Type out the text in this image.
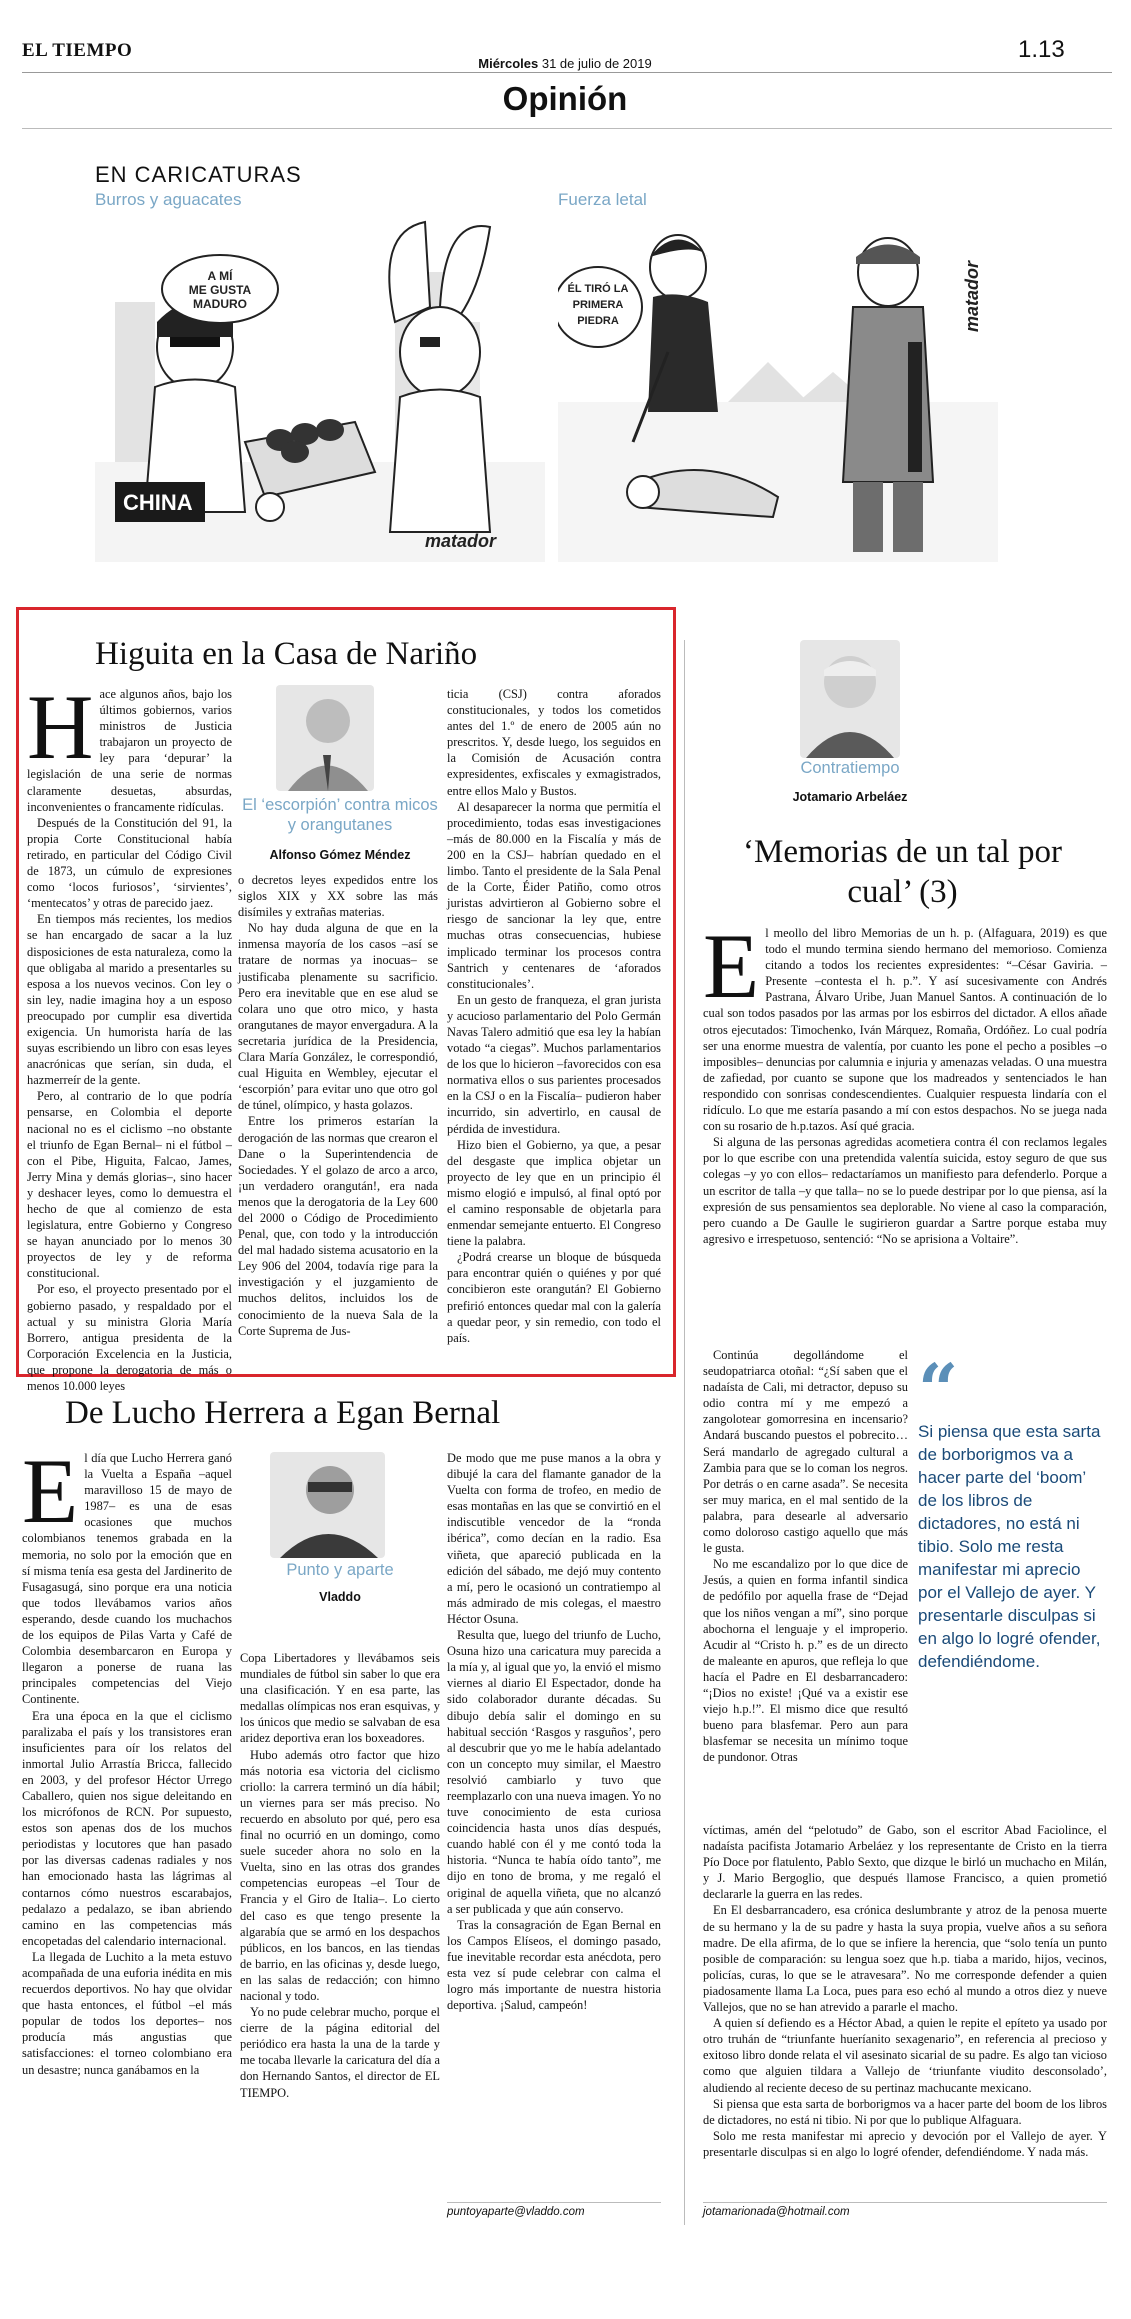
EL TIEMPO
Miércoles 31 de julio de 2019
1.13
Opinión
EN CARICATURAS
Burros y aguacates	Fuerza letal
CHINA
A MÍ
ME GUSTA
MADURO
matador
ÉL TIRÓ LA
PRIMERA
PIEDRA	matador
Higuita en la Casa de Nariño

Hace algunos años, bajo los últimos gobiernos, varios ministros de Justicia trabajaron un proyecto de ley para ‘depurar’ la legislación de una serie de normas claramente desuetas, absurdas, inconvenientes o francamente ridículas.

Después de la Constitución del 91, la propia Corte Constitucional había retirado, en particular del Código Civil de 1873, un cúmulo de expresiones como ‘locos furiosos’, ‘sirvientes’, ‘mentecatos’ y otras de parecido jaez.

En tiempos más recientes, los medios se han encargado de sacar a la luz disposiciones de esta naturaleza, como la que obligaba al marido a presentarles su esposa a los nuevos vecinos. Con ley o sin ley, nadie imagina hoy a un esposo preocupado por cumplir esa divertida exigencia. Un humorista haría de las suyas escribiendo un libro con esas leyes anacrónicas que serían, sin duda, el hazmerreír de la gente.

Pero, al contrario de lo que podría pensarse, en Colombia el deporte nacional no es el ciclismo –no obstante el triunfo de Egan Bernal– ni el fútbol –con el Pibe, Higuita, Falcao, James, Jerry Mina y demás glorias–, sino hacer y deshacer leyes, como lo demuestra el hecho de que al comienzo de esta legislatura, entre Gobierno y Congreso se hayan anunciado por lo menos 30 proyectos de ley y de reforma constitucional.

Por eso, el proyecto presentado por el gobierno pasado, y respaldado por el actual y su ministra Gloria María Borrero, antigua presidenta de la Corporación Excelencia en la Justicia, que propone la derogatoria de más o menos 10.000 leyes

El ‘escorpión’ contra micos y orangutanes
Alfonso Gómez Méndez

o decretos leyes expedidos entre los siglos XIX y XX sobre las más disímiles y extrañas materias.

No hay duda alguna de que en la inmensa mayoría de los casos –así se tratare de normas ya inocuas– se justificaba plenamente su sacrificio. Pero era inevitable que en ese alud se colara uno que otro mico, y hasta orangutanes de mayor envergadura. A la secretaria jurídica de la Presidencia, Clara María González, le correspondió, cual Higuita en Wembley, ejecutar el ‘escorpión’ para evitar uno que otro gol de túnel, olímpico, y hasta golazos.

Entre los primeros estarían la derogación de las normas que crearon el Dane o la Superintendencia de Sociedades. Y el golazo de arco a arco, ¡un verdadero orangután!, era nada menos que la derogatoria de la Ley 600 del 2000 o Código de Procedimiento Penal, que, con todo y la introducción del mal hadado sistema acusatorio en la Ley 906 del 2004, todavía rige para la investigación y el juzgamiento de muchos delitos, incluidos los de conocimiento de la nueva Sala de la Corte Suprema de Jus-

ticia (CSJ) contra aforados constitucionales, y todos los cometidos antes del 1.º de enero de 2005 aún no prescritos. Y, desde luego, los seguidos en la Comisión de Acusación contra expresidentes, exfiscales y exmagistrados, entre ellos Malo y Bustos.

Al desaparecer la norma que permitía el procedimiento, todas esas investigaciones –más de 80.000 en la Fiscalía y más de 200 en la CSJ– habrían quedado en el limbo. Tanto el presidente de la Sala Penal de la Corte, Éider Patiño, como otros juristas advirtieron al Gobierno sobre el riesgo de sancionar la ley que, entre muchas otras consecuencias, hubiese implicado terminar los procesos contra Santrich y centenares de ‘aforados constitucionales’.

En un gesto de franqueza, el gran jurista y acucioso parlamentario del Polo Germán Navas Talero admitió que esa ley la habían votado “a ciegas”. Muchos parlamentarios de los que lo hicieron –favorecidos con esa normativa ellos o sus parientes procesados en la CSJ o en la Fiscalía– pudieron haber incurrido, sin advertirlo, en causal de pérdida de investidura.

Hizo bien el Gobierno, ya que, a pesar del desgaste que implica objetar un proyecto de ley que en un principio él mismo elogió e impulsó, al final optó por el camino responsable de objetarla para enmendar semejante entuerto. El Congreso tiene la palabra.

¿Podrá crearse un bloque de búsqueda para encontrar quién o quiénes y por qué concibieron este orangután? El Gobierno prefirió entonces quedar mal con la galería a quedar peor, y sin remedio, con todo el país.

De Lucho Herrera a Egan Bernal

El día que Lucho Herrera ganó la Vuelta a España –aquel maravilloso 15 de mayo de 1987– es una de esas ocasiones que muchos colombianos tenemos grabada en la memoria, no solo por la emoción que en sí misma tenía esa gesta del Jardinerito de Fusagasugá, sino porque era una noticia que todos llevábamos varios años esperando, desde cuando los muchachos de los equipos de Pilas Varta y Café de Colombia desembarcaron en Europa y llegaron a ponerse de ruana las principales competencias del Viejo Continente.

Era una época en la que el ciclismo paralizaba el país y los transistores eran insuficientes para oír los relatos del inmortal Julio Arrastía Bricca, fallecido en 2003, y del profesor Héctor Urrego Caballero, quien nos sigue deleitando en los micrófonos de RCN. Por supuesto, estos son apenas dos de los muchos periodistas y locutores que han pasado por las diversas cadenas radiales y nos han emocionado hasta las lágrimas al contarnos cómo nuestros escarabajos, pedalazo a pedalazo, se iban abriendo camino en las competencias más encopetadas del calendario internacional.

La llegada de Luchito a la meta estuvo acompañada de una euforia inédita en mis recuerdos deportivos. No hay que olvidar que hasta entonces, el fútbol –el más popular de todos los deportes– nos producía más angustias que satisfacciones: el torneo colombiano era un desastre; nunca ganábamos en la

Punto y aparte
Vladdo

Copa Libertadores y llevábamos seis mundiales de fútbol sin saber lo que era una clasificación. Y en esa parte, las medallas olímpicas nos eran esquivas, y los únicos que medio se salvaban de esa aridez deportiva eran los boxeadores.

Hubo además otro factor que hizo más notoria esa victoria del ciclismo criollo: la carrera terminó un día hábil; un viernes para ser más preciso. No recuerdo en absoluto por qué, pero esa final no ocurrió en un domingo, como suele suceder ahora no solo en la Vuelta, sino en las otras dos grandes competencias europeas –el Tour de Francia y el Giro de Italia–. Lo cierto del caso es que tengo presente la algarabía que se armó en los despachos públicos, en los bancos, en las tiendas de barrio, en las oficinas y, desde luego, en las salas de redacción; con himno nacional y todo.

Yo no pude celebrar mucho, porque el cierre de la página editorial del periódico era hasta la una de la tarde y me tocaba llevarle la caricatura del día a don Hernando Santos, el director de EL TIEMPO.

De modo que me puse manos a la obra y dibujé la cara del flamante ganador de la Vuelta con forma de trofeo, en medio de esas montañas en las que se convirtió en el indiscutible vencedor de la “ronda ibérica”, como decían en la radio. Esa viñeta, que apareció publicada en la edición del sábado, me dejó muy contento a mí, pero le ocasionó un contratiempo al más admirado de mis colegas, el maestro Héctor Osuna.

Resulta que, luego del triunfo de Lucho, Osuna hizo una caricatura muy parecida a la mía y, al igual que yo, la envió el mismo viernes al diario El Espectador, donde ha sido colaborador durante décadas. Su dibujo debía salir el domingo en su habitual sección ‘Rasgos y rasguños’, pero al descubrir que yo me le había adelantado con un concepto muy similar, el Maestro resolvió cambiarlo y tuvo que reemplazarlo con una nueva imagen. Yo no tuve conocimiento de esta curiosa coincidencia hasta unos días después, cuando hablé con él y me contó toda la historia. “Nunca te había oído tanto”, me dijo en tono de broma, y me regaló el original de aquella viñeta, que no alcanzó a ser publicada y que aún conservo.

Tras la consagración de Egan Bernal en los Campos Elíseos, el domingo pasado, fue inevitable recordar esta anécdota, pero esta vez sí pude celebrar con calma el logro más importante de nuestra historia deportiva. ¡Salud, campeón!

puntoyaparte@vladdo.com
Contratiempo
Jotamario Arbeláez
‘Memorias de un tal por cual’ (3)

El meollo del libro Memorias de un h. p. (Alfaguara, 2019) es que todo el mundo termina siendo hermano del memorioso. Comienza citando a todos los recientes expresidentes: “–César Gaviria. –Presente –contesta el h. p.”. Y así sucesivamente con Andrés Pastrana, Álvaro Uribe, Juan Manuel Santos. A continuación de lo cual son todos pasados por las armas por los esbirros del dictador. A ellos añade otros ejecutados: Timochenko, Iván Márquez, Romaña, Ordóñez. Lo cual podría ser una enorme muestra de valentía, por cuanto les pone el pecho a posibles –o imposibles– denuncias por calumnia e injuria y amenazas veladas. O una muestra de zafiedad, por cuanto se supone que los madreados y sentenciados le han respondido con sonrisas condescendientes. Cualquier respuesta lindaría con el ridículo. Lo que me estaría pasando a mí con estos despachos. No se juega nada con su rosario de h.p.tazos. Así qué gracia.

Si alguna de las personas agredidas acometiera contra él con reclamos legales por lo que escribe con una pretendida valentía suicida, estoy seguro de que sus colegas –y yo con ellos– redactaríamos un manifiesto para defenderlo. Porque a un escritor de talla –y que talla– no se lo puede destripar por lo que piensa, así la expresión de sus pensamientos sea deplorable. No viene al caso la comparación, pero cuando a De Gaulle le sugirieron guardar a Sartre porque estaba muy agresivo e irrespetuoso, sentenció: “No se aprisiona a Voltaire”.

Continúa degollándome el seudopatriarca otoñal: “¿Sí saben que el nadaísta de Cali, mi detractor, depuso su odio contra mí y me empezó a zangolotear gomorresina en incensario? Andará buscando puestos el pobrecito… Será mandarlo de agregado cultural a Zambia para que se lo coman los negros. Por detrás o en carne asada”. Se necesita ser muy marica, en el mal sentido de la palabra, para desearle al adversario como doloroso castigo aquello que más le gusta.

No me escandalizo por lo que dice de Jesús, a quien en forma infantil sindica de pedófilo por aquella frase de “Dejad que los niños vengan a mí”, sino porque abochorna el lenguaje y el improperio. Acudir al “Cristo h. p.” es de un directo de maleante en apuros, que refleja lo que hacía el Padre en El desbarrancadero: “¡Dios no existe! ¡Qué va a existir ese viejo h.p.!”. El mismo dice que resultó bueno para blasfemar. Pero aun para blasfemar se necesita un mínimo toque de pundonor. Otras

“
Si piensa que esta sarta de borborigmos va a hacer parte del ‘boom’ de los libros de dictadores, no está ni tibio. Solo me resta manifestar mi aprecio por el Vallejo de ayer. Y presentarle disculpas si en algo lo logré ofender, defendiéndome.

víctimas, amén del “pelotudo” de Gabo, son el escritor Abad Faciolince, el nadaísta pacifista Jotamario Arbeláez y los representante de Cristo en la tierra Pío Doce por flatulento, Pablo Sexto, que dizque le birló un muchacho en Milán, y J. Mario Bergoglio, que después llamose Francisco, a quien prometió declararle la guerra en las redes.

En El desbarrancadero, esa crónica deslumbrante y atroz de la penosa muerte de su hermano y la de su padre y hasta la suya propia, vuelve años a su señora madre. De ella afirma, de lo que se infiere la herencia, que “solo tenía un punto posible de comparación: su lengua soez que h.p. tiaba a marido, hijos, vecinos, policías, curas, lo que se le atravesara”. No me corresponde defender a quien piadosamente llama La Loca, pues para eso echó al mundo a otros diez y nueve Vallejos, que no se han atrevido a pararle el macho.

A quien sí defiendo es a Héctor Abad, a quien le repite el epíteto ya usado por otro truhán de “triunfante hueríanito sexagenario”, en referencia al precioso y exitoso libro donde relata el vil asesinato sicarial de su padre. Es algo tan vicioso como que alguien tildara a Vallejo de ‘triunfante viudito desconsolado’, aludiendo al reciente deceso de su pertinaz machucante mexicano.

Si piensa que esta sarta de borborigmos va a hacer parte del boom de los libros de dictadores, no está ni tibio. Ni por que lo publique Alfaguara.

Solo me resta manifestar mi aprecio y devoción por el Vallejo de ayer. Y presentarle disculpas si en algo lo logré ofender, defendiéndome. Y nada más.

jotamarionada@hotmail.com
